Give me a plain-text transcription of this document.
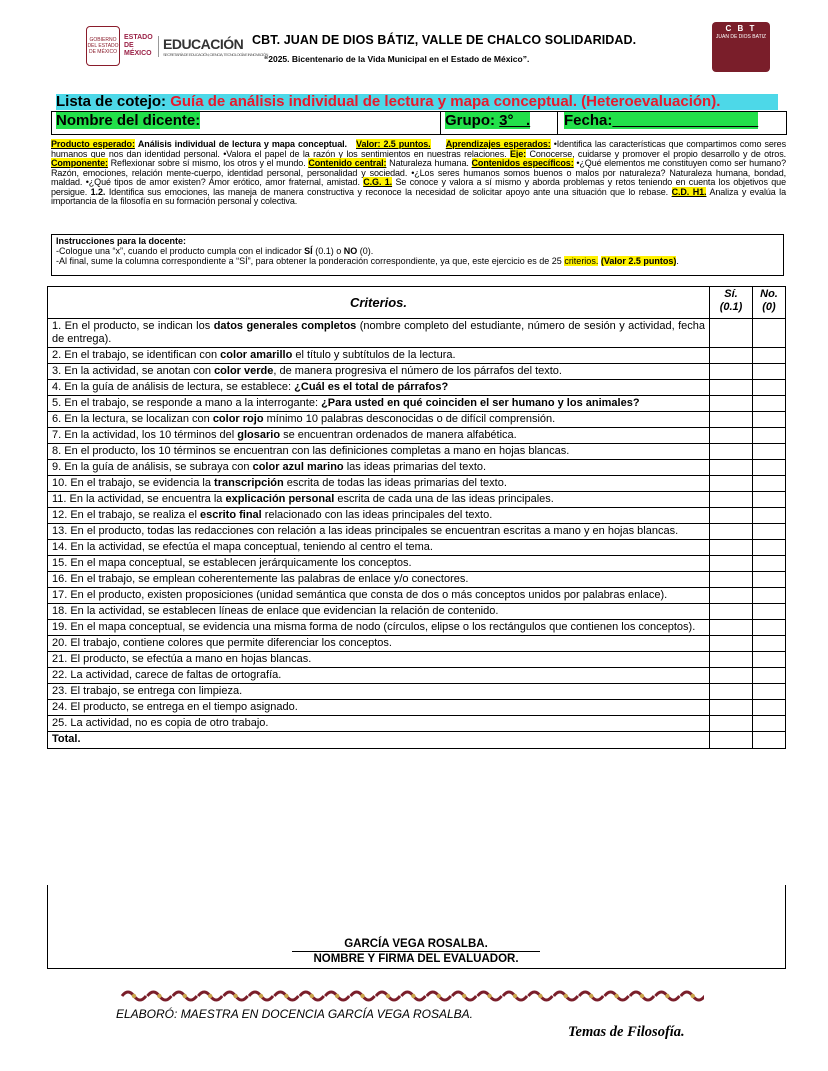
GOBIERNO DEL ESTADO DE MÉXICO
ESTADO DE MÉXICO
EDUCACIÓN
SECRETARÍA DE EDUCACIÓN, CIENCIA, TECNOLOGÍA E INNOVACIÓN
CBT. JUAN DE DIOS BÁTIZ, VALLE DE CHALCO SOLIDARIDAD.
“2025. Bicentenario de la Vida Municipal en el Estado de México”.
C B T
JUAN DE DIOS BATIZ
Lista de cotejo: Guía de análisis individual de lectura y mapa conceptual. (Heteroevaluación).
Nombre del dicente:	Grupo: 3°   .	Fecha:
Producto esperado: Análisis individual de lectura y mapa conceptual. Valor: 2.5 puntos. Aprendizajes esperados: •Identifica las características que compartimos como seres humanos que nos dan identidad personal. •Valora el papel de la razón y los sentimientos en nuestras relaciones. Eje: Conocerse, cuidarse y promover el propio desarrollo y de otros. Componente: Reflexionar sobre sí mismo, los otros y el mundo. Contenido central: Naturaleza humana. Contenidos específicos: •¿Qué elementos me constituyen como ser humano? Razón, emociones, relación mente-cuerpo, identidad personal, personalidad y sociedad. •¿Los seres humanos somos buenos o malos por naturaleza? Naturaleza humana, bondad, maldad. •¿Qué tipos de amor existen? Amor erótico, amor fraternal, amistad. C.G. 1. Se conoce y valora a sí mismo y aborda problemas y retos teniendo en cuenta los objetivos que persigue. 1.2. Identifica sus emociones, las maneja de manera constructiva y reconoce la necesidad de solicitar apoyo ante una situación que lo rebase. C.D. H1. Analiza y evalúa la importancia de la filosofía en su formación personal y colectiva.
Instrucciones para la docente:
-Cologue una “x”, cuando el producto cumpla con el indicador SÍ (0.1) o NO (0).
-Al final, sume la columna correspondiente a “SÍ”, para obtener la ponderación correspondiente, ya que, este ejercicio es de 25 criterios. (Valor 2.5 puntos).
Criterios.	Sí. (0.1)	No. (0)
1. En el producto, se indican los datos generales completos (nombre completo del estudiante, número de sesión y actividad, fecha de entrega).		
2. En el trabajo, se identifican con color amarillo el título y subtítulos de la lectura.		
3. En la actividad, se anotan con color verde, de manera progresiva el número de los párrafos del texto.		
4. En la guía de análisis de lectura, se establece: ¿Cuál es el total de párrafos?		
5. En el trabajo, se responde a mano a la interrogante: ¿Para usted en qué coinciden el ser humano y los animales?		
6. En la lectura, se localizan con color rojo mínimo 10 palabras desconocidas o de difícil comprensión.		
7. En la actividad, los 10 términos del glosario se encuentran ordenados de manera alfabética.		
8. En el producto, los 10 términos se encuentran con las definiciones completas a mano en hojas blancas.		
9. En la guía de análisis, se subraya con color azul marino las ideas primarias del texto.		
10. En el trabajo, se evidencia la transcripción escrita de todas las ideas primarias del texto.		
11. En la actividad, se encuentra la explicación personal escrita de cada una de las ideas principales.		
12. En el trabajo, se realiza el escrito final relacionado con las ideas principales del texto.		
13. En el producto, todas las redacciones con relación a las ideas principales se encuentran escritas a mano y en hojas blancas.		
14. En la actividad, se efectúa el mapa conceptual, teniendo al centro el tema.		
15. En el mapa conceptual, se establecen jerárquicamente los conceptos.		
16. En el trabajo, se emplean coherentemente las palabras de enlace y/o conectores.		
17. En el producto, existen proposiciones (unidad semántica que consta de dos o más conceptos unidos por palabras enlace).		
18. En la actividad, se establecen líneas de enlace que evidencian la relación de contenido.		
19. En el mapa conceptual, se evidencia una misma forma de nodo (círculos, elipse o los rectángulos que contienen los conceptos).		
20. El trabajo, contiene colores que permite diferenciar los conceptos.		
21. El producto, se efectúa a mano en hojas blancas.		
22. La actividad, carece de faltas de ortografía.		
23. El trabajo, se entrega con limpieza.		
24. El producto, se entrega en el tiempo asignado.		
25. La actividad, no es copia de otro trabajo.		
Total.		
GARCÍA VEGA ROSALBA.
NOMBRE Y FIRMA DEL EVALUADOR.
ELABORÓ: MAESTRA EN DOCENCIA GARCÍA VEGA ROSALBA.
Temas de Filosofía.
